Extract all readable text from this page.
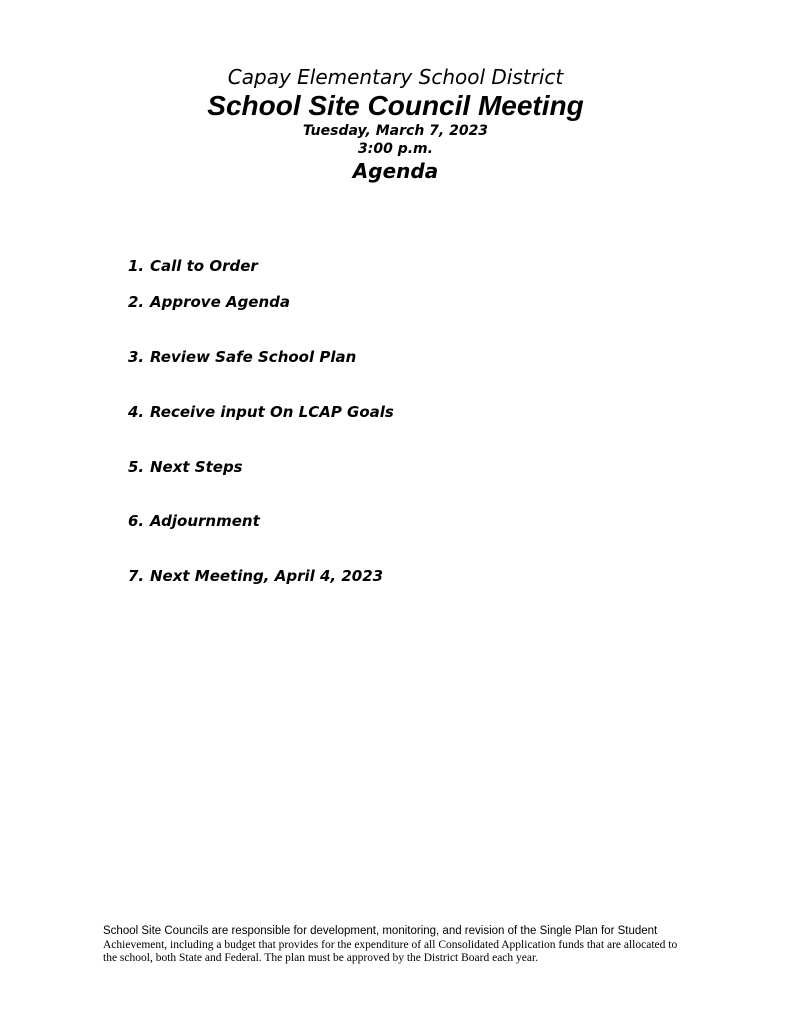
Capay Elementary School District
School Site Council Meeting
Tuesday, March 7, 2023
3:00 p.m.
Agenda
1. Call to Order
2. Approve Agenda
3. Review Safe School Plan
4. Receive input On LCAP Goals
5. Next Steps
6. Adjournment
7. Next Meeting, April 4, 2023
School Site Councils are responsible for development, monitoring, and revision of the Single Plan for Student
Achievement, including a budget that provides for the expenditure of all Consolidated Application funds that are allocated to the school, both State and Federal. The plan must be approved by the District Board each year.
